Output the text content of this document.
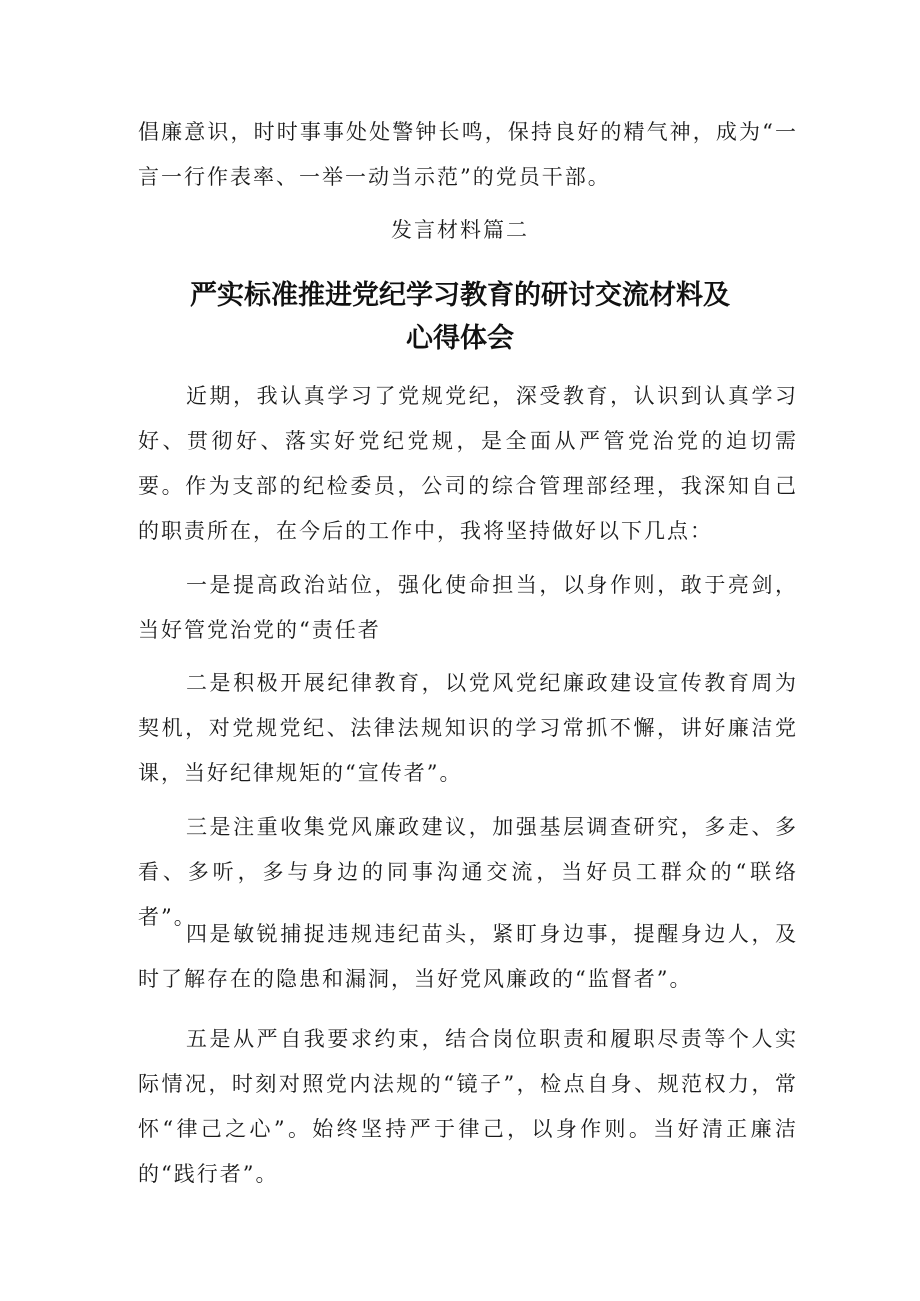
倡廉意识，时时事事处处警钟长鸣，保持良好的精气神，成为“一言一行作表率、一举一动当示范”的党员干部。

发言材料篇二

严实标准推进党纪学习教育的研讨交流材料及
心得体会

近期，我认真学习了党规党纪，深受教育，认识到认真学习好、贯彻好、落实好党纪党规，是全面从严管党治党的迫切需要。作为支部的纪检委员，公司的综合管理部经理，我深知自己的职责所在，在今后的工作中，我将坚持做好以下几点：

一是提高政治站位，强化使命担当，以身作则，敢于亮剑，当好管党治党的“责任者

二是积极开展纪律教育，以党风党纪廉政建设宣传教育周为契机，对党规党纪、法律法规知识的学习常抓不懈，讲好廉洁党课，当好纪律规矩的“宣传者”。

三是注重收集党风廉政建议，加强基层调查研究，多走、多看、多听，多与身边的同事沟通交流，当好员工群众的“联络者”。

四是敏锐捕捉违规违纪苗头，紧盯身边事，提醒身边人，及时了解存在的隐患和漏洞，当好党风廉政的“监督者”。

五是从严自我要求约束，结合岗位职责和履职尽责等个人实际情况，时刻对照党内法规的“镜子”，检点自身、规范权力，常怀“律己之心”。始终坚持严于律己，以身作则。当好清正廉洁的“践行者”。
